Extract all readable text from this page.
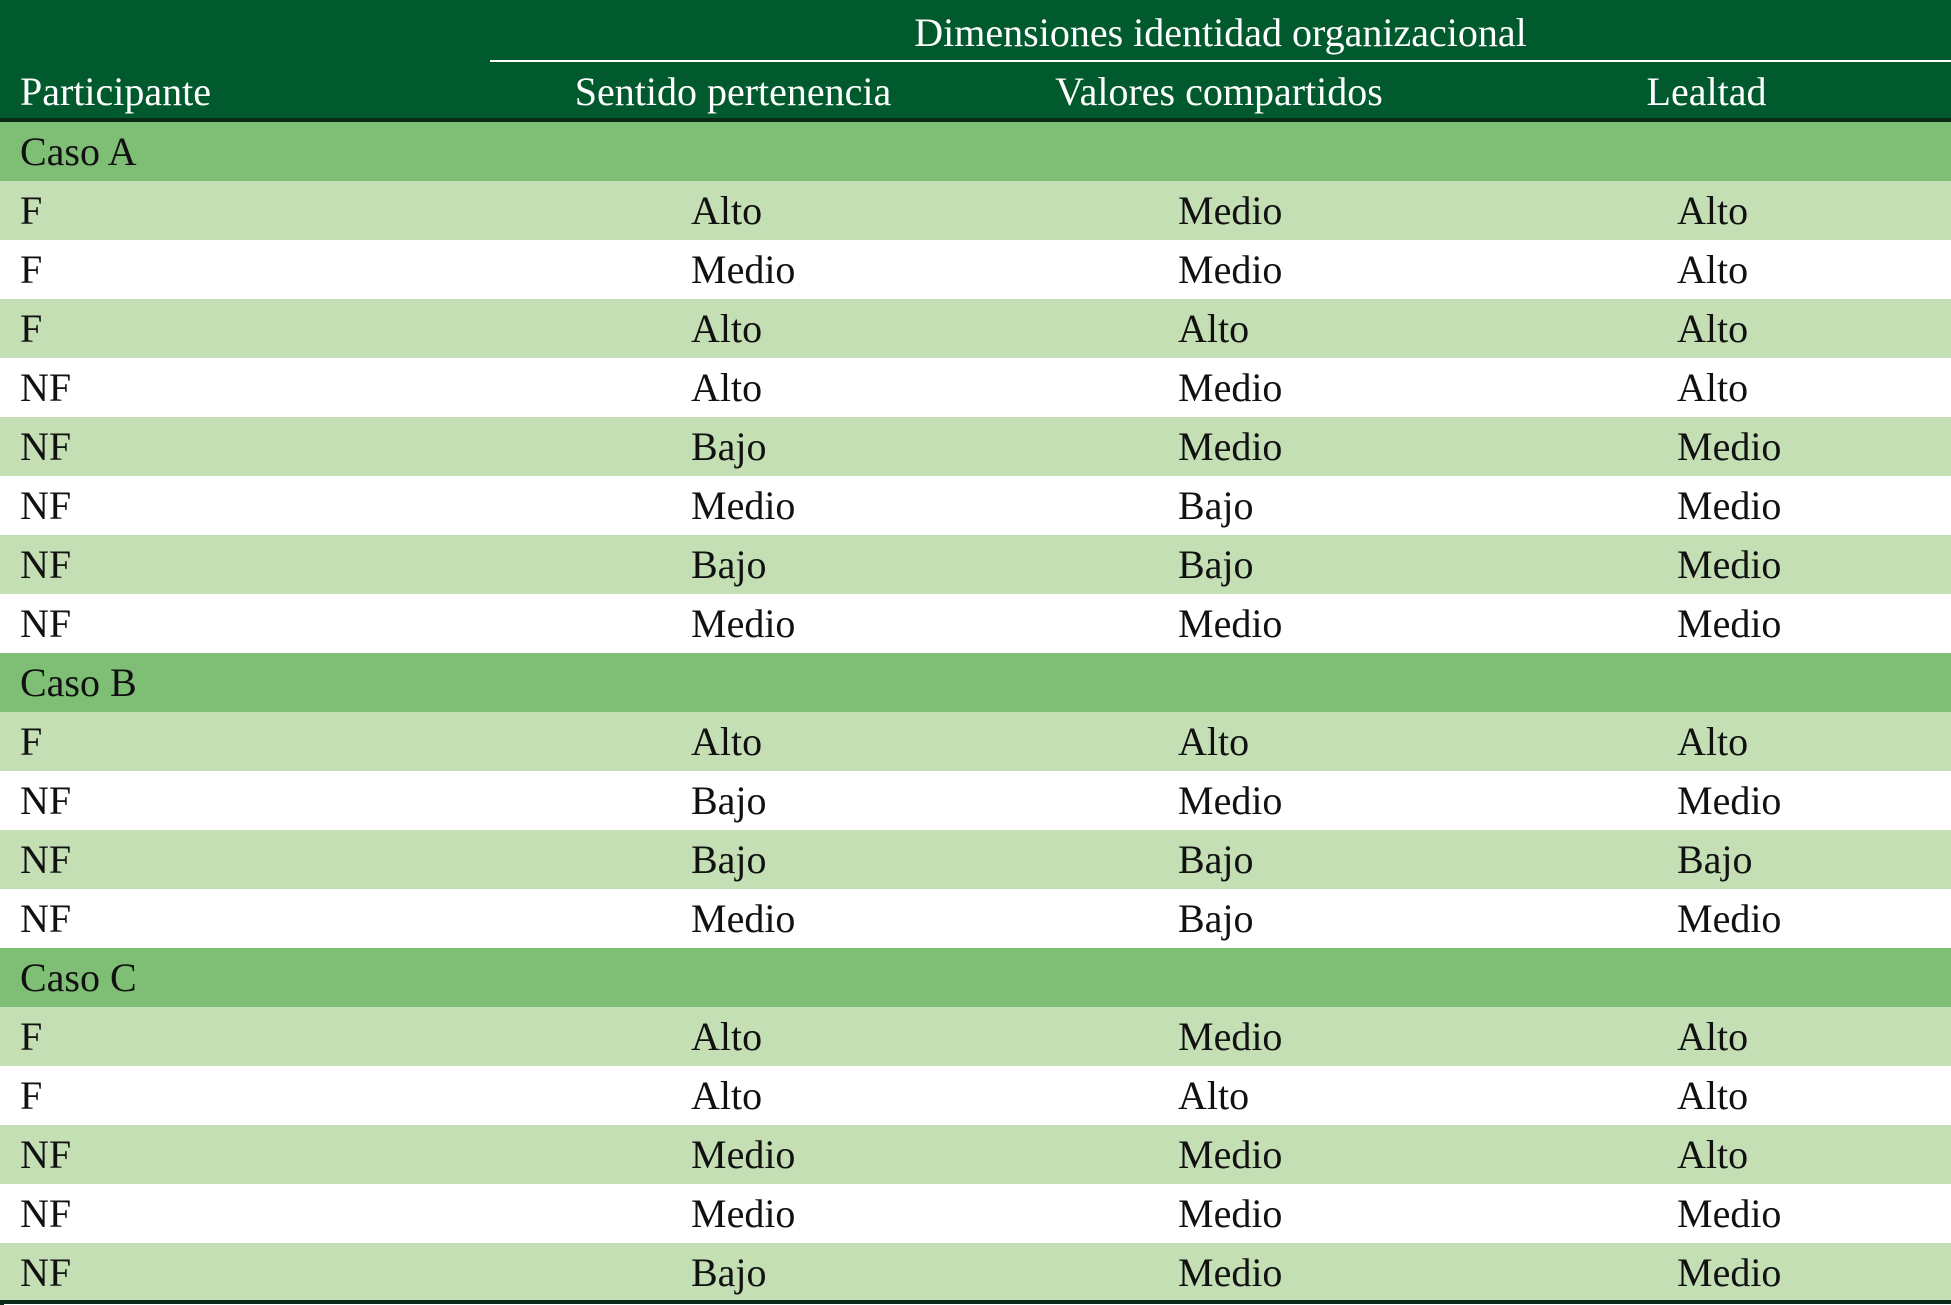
Dimensiones identidad organizacional
Participante	Sentido pertenencia	Valores compartidos	Lealtad
Caso A
F	Alto	Medio	Alto
F	Medio	Medio	Alto
F	Alto	Alto	Alto
NF	Alto	Medio	Alto
NF	Bajo	Medio	Medio
NF	Medio	Bajo	Medio
NF	Bajo	Bajo	Medio
NF	Medio	Medio	Medio
Caso B
F	Alto	Alto	Alto
NF	Bajo	Medio	Medio
NF	Bajo	Bajo	Bajo
NF	Medio	Bajo	Medio
Caso C
F	Alto	Medio	Alto
F	Alto	Alto	Alto
NF	Medio	Medio	Alto
NF	Medio	Medio	Medio
NF	Bajo	Medio	Medio
